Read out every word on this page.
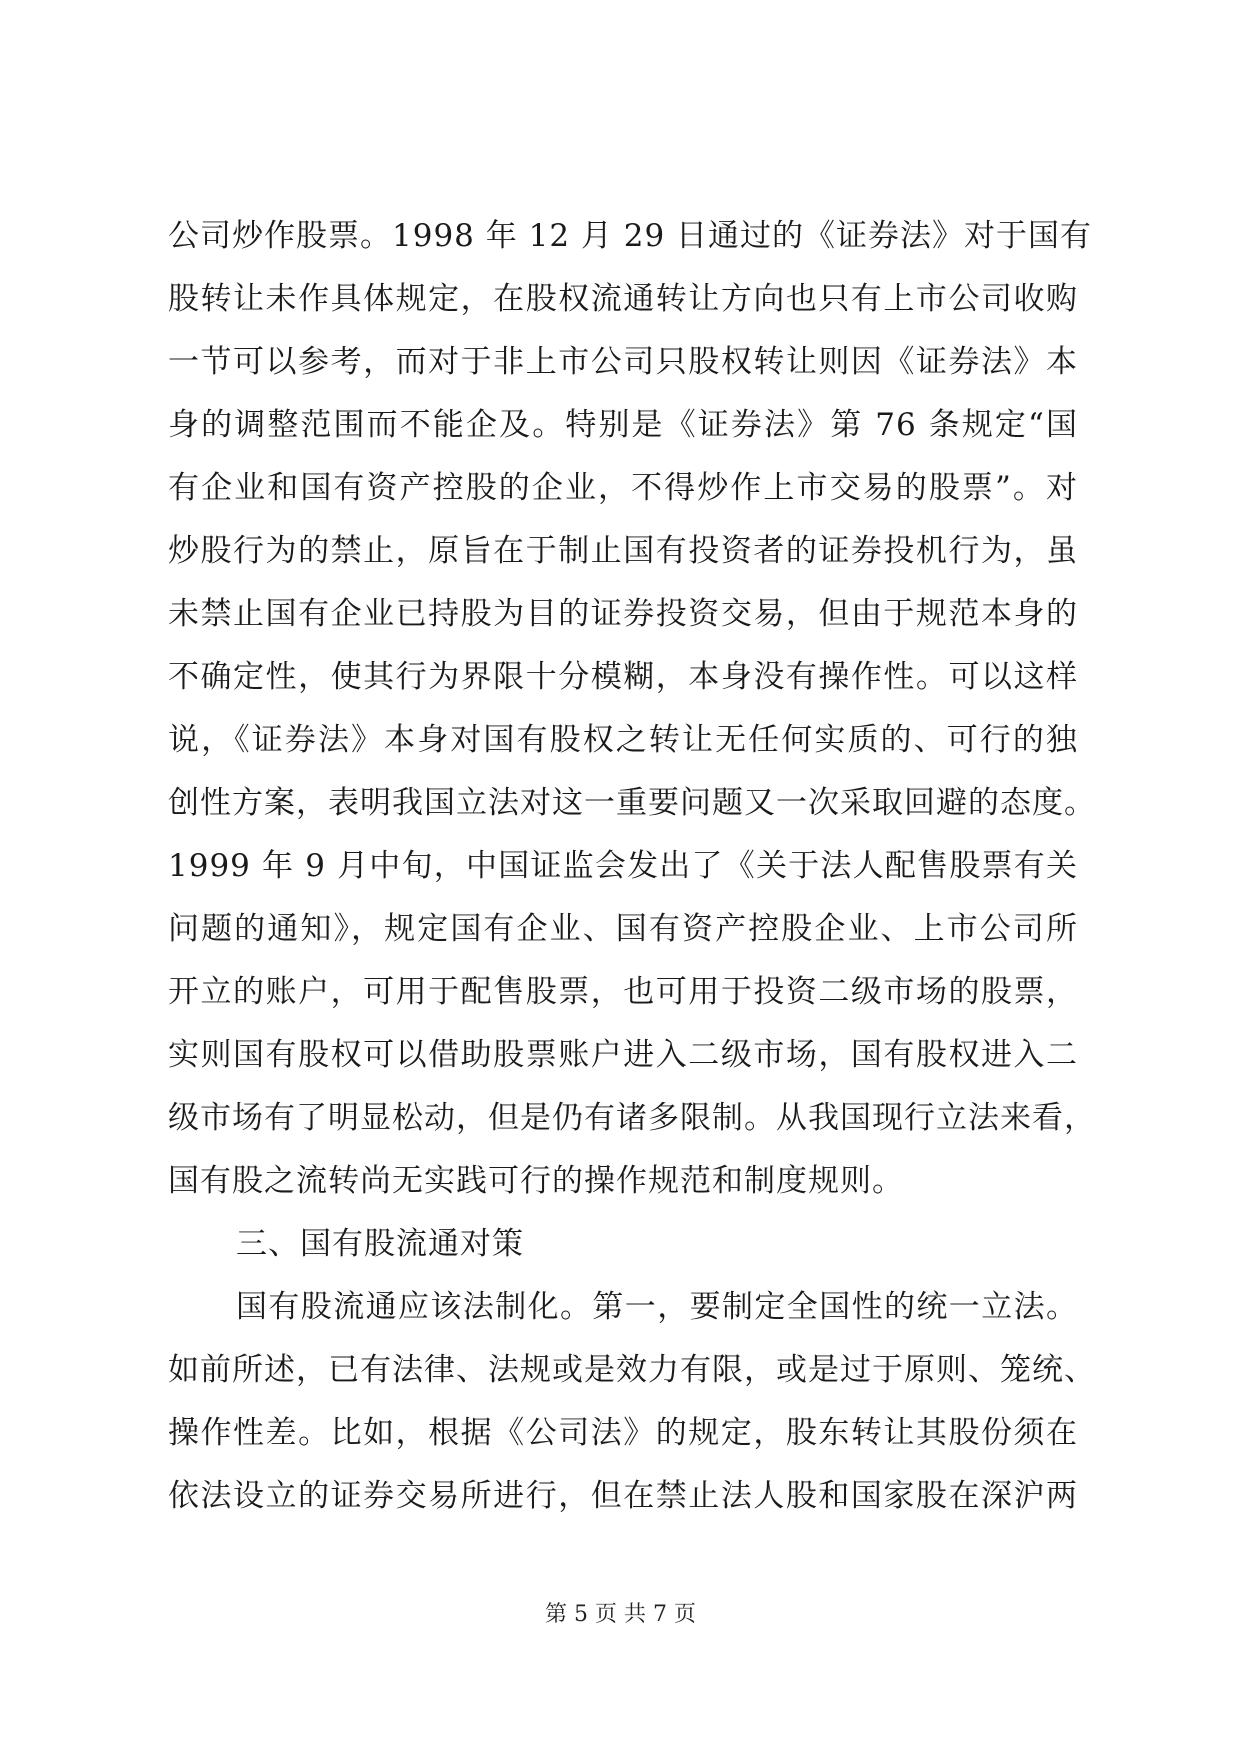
公司炒作股票。1998 年 12 月 29 日通过的《证券法》对于国有
股转让未作具体规定，在股权流通转让方向也只有上市公司收购
一节可以参考，而对于非上市公司只股权转让则因《证券法》本
身的调整范围而不能企及。特别是《证券法》第 76 条规定“国
有企业和国有资产控股的企业，不得炒作上市交易的股票”。对
炒股行为的禁止，原旨在于制止国有投资者的证券投机行为，虽
未禁止国有企业已持股为目的证券投资交易，但由于规范本身的
不确定性，使其行为界限十分模糊，本身没有操作性。可以这样
说，《证券法》本身对国有股权之转让无任何实质的、可行的独
创性方案，表明我国立法对这一重要问题又一次采取回避的态度。
1999 年 9 月中旬，中国证监会发出了《关于法人配售股票有关
问题的通知》，规定国有企业、国有资产控股企业、上市公司所
开立的账户，可用于配售股票，也可用于投资二级市场的股票，
实则国有股权可以借助股票账户进入二级市场，国有股权进入二
级市场有了明显松动，但是仍有诸多限制。从我国现行立法来看，
国有股之流转尚无实践可行的操作规范和制度规则。
三、国有股流通对策
国有股流通应该法制化。第一，要制定全国性的统一立法。
如前所述，已有法律、法规或是效力有限，或是过于原则、笼统、
操作性差。比如，根据《公司法》的规定，股东转让其股份须在
依法设立的证券交易所进行，但在禁止法人股和国家股在深沪两
第 5 页 共 7 页
